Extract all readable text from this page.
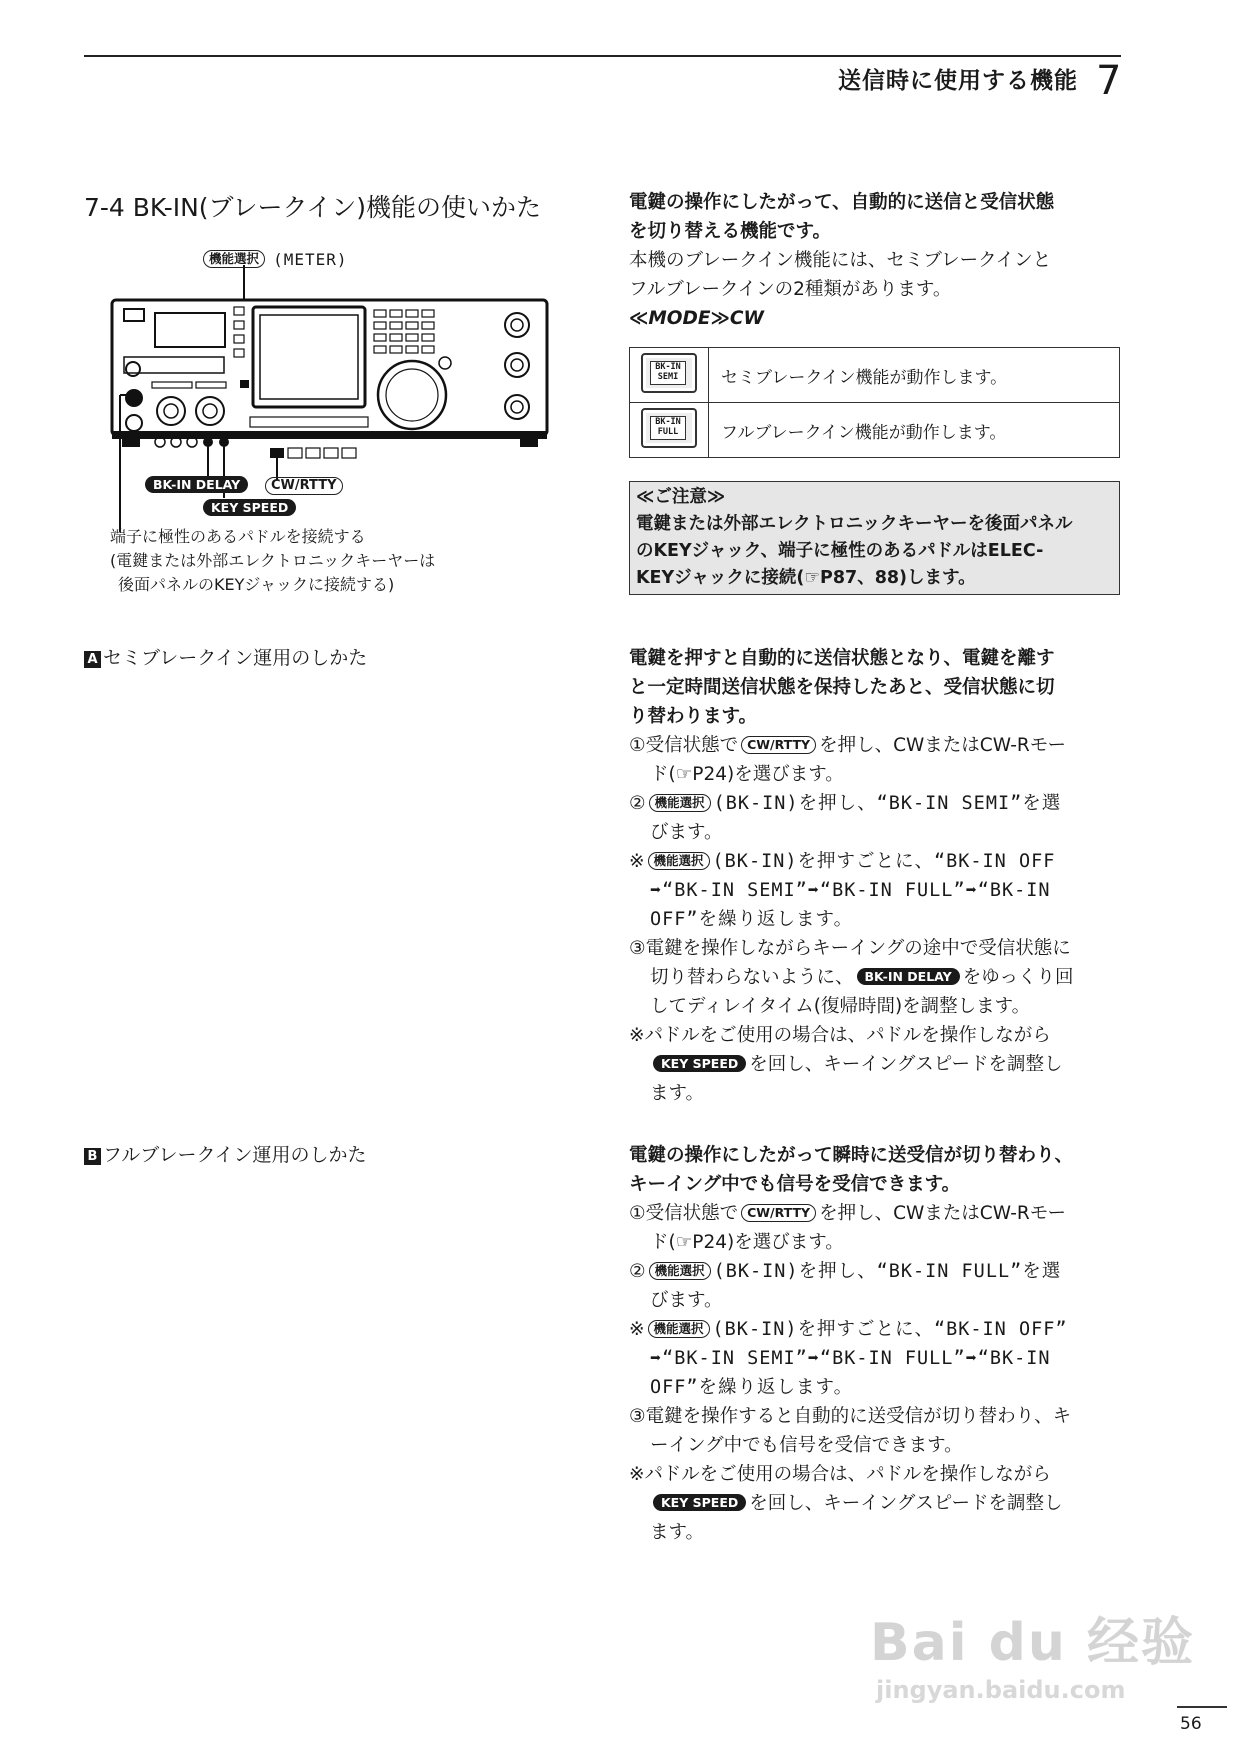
送信時に使用する機能 7
7-4 BK-IN(ブレークイン)機能の使いかた
機能選択 (METER)
BK-IN DELAY	CW/RTTY
KEY SPEED
端子に極性のあるパドルを接続する
(電鍵または外部エレクトロニックキーヤーは
後面パネルのKEYジャックに接続する)
電鍵の操作にしたがって、自動的に送信と受信状態
を切り替える機能です。
本機のブレークイン機能には、セミブレークインと
フルブレークインの2種類があります。
≪MODE≫CW
BK-IN
SEMI	セミブレークイン機能が動作します。

BK-IN
FULL	フルブレークイン機能が動作します。
≪ご注意≫
電鍵または外部エレクトロニックキーヤーを後面パネル
のKEYジャック、端子に極性のあるパドルはELEC-
KEYジャックに接続(☞P87、88)します。
A セミブレークイン運用のしかた	電鍵を押すと自動的に送信状態となり、電鍵を離す
と一定時間送信状態を保持したあと、受信状態に切
り替わります。
①受信状態で CW/RTTY を押し、CWまたはCW-Rモー
ド(☞P24)を選びます。
② 機能選択 (BK-IN)を押し、“BK-IN SEMI”を選
びます。
※ 機能選択 (BK-IN)を押すごとに、“BK-IN OFF
➡“BK-IN SEMI”➡“BK-IN FULL”➡“BK-IN
OFF”を繰り返します。
③電鍵を操作しながらキーイングの途中で受信状態に
切り替わらないように、 BK-IN DELAY をゆっくり回
してディレイタイム(復帰時間)を調整します。
※パドルをご使用の場合は、パドルを操作しながら
KEY SPEED を回し、キーイングスピードを調整し
ます。
B フルブレークイン運用のしかた	電鍵の操作にしたがって瞬時に送受信が切り替わり、
キーイング中でも信号を受信できます。
①受信状態で CW/RTTY を押し、CWまたはCW-Rモー
ド(☞P24)を選びます。
② 機能選択 (BK-IN)を押し、“BK-IN FULL”を選
びます。
※ 機能選択 (BK-IN)を押すごとに、“BK-IN OFF”
➡“BK-IN SEMI”➡“BK-IN FULL”➡“BK-IN
OFF”を繰り返します。
③電鍵を操作すると自動的に送受信が切り替わり、キ
ーイング中でも信号を受信できます。
※パドルをご使用の場合は、パドルを操作しながら
KEY SPEED を回し、キーイングスピードを調整し
ます。
Bai du 经验
jingyan.baidu.com
56
